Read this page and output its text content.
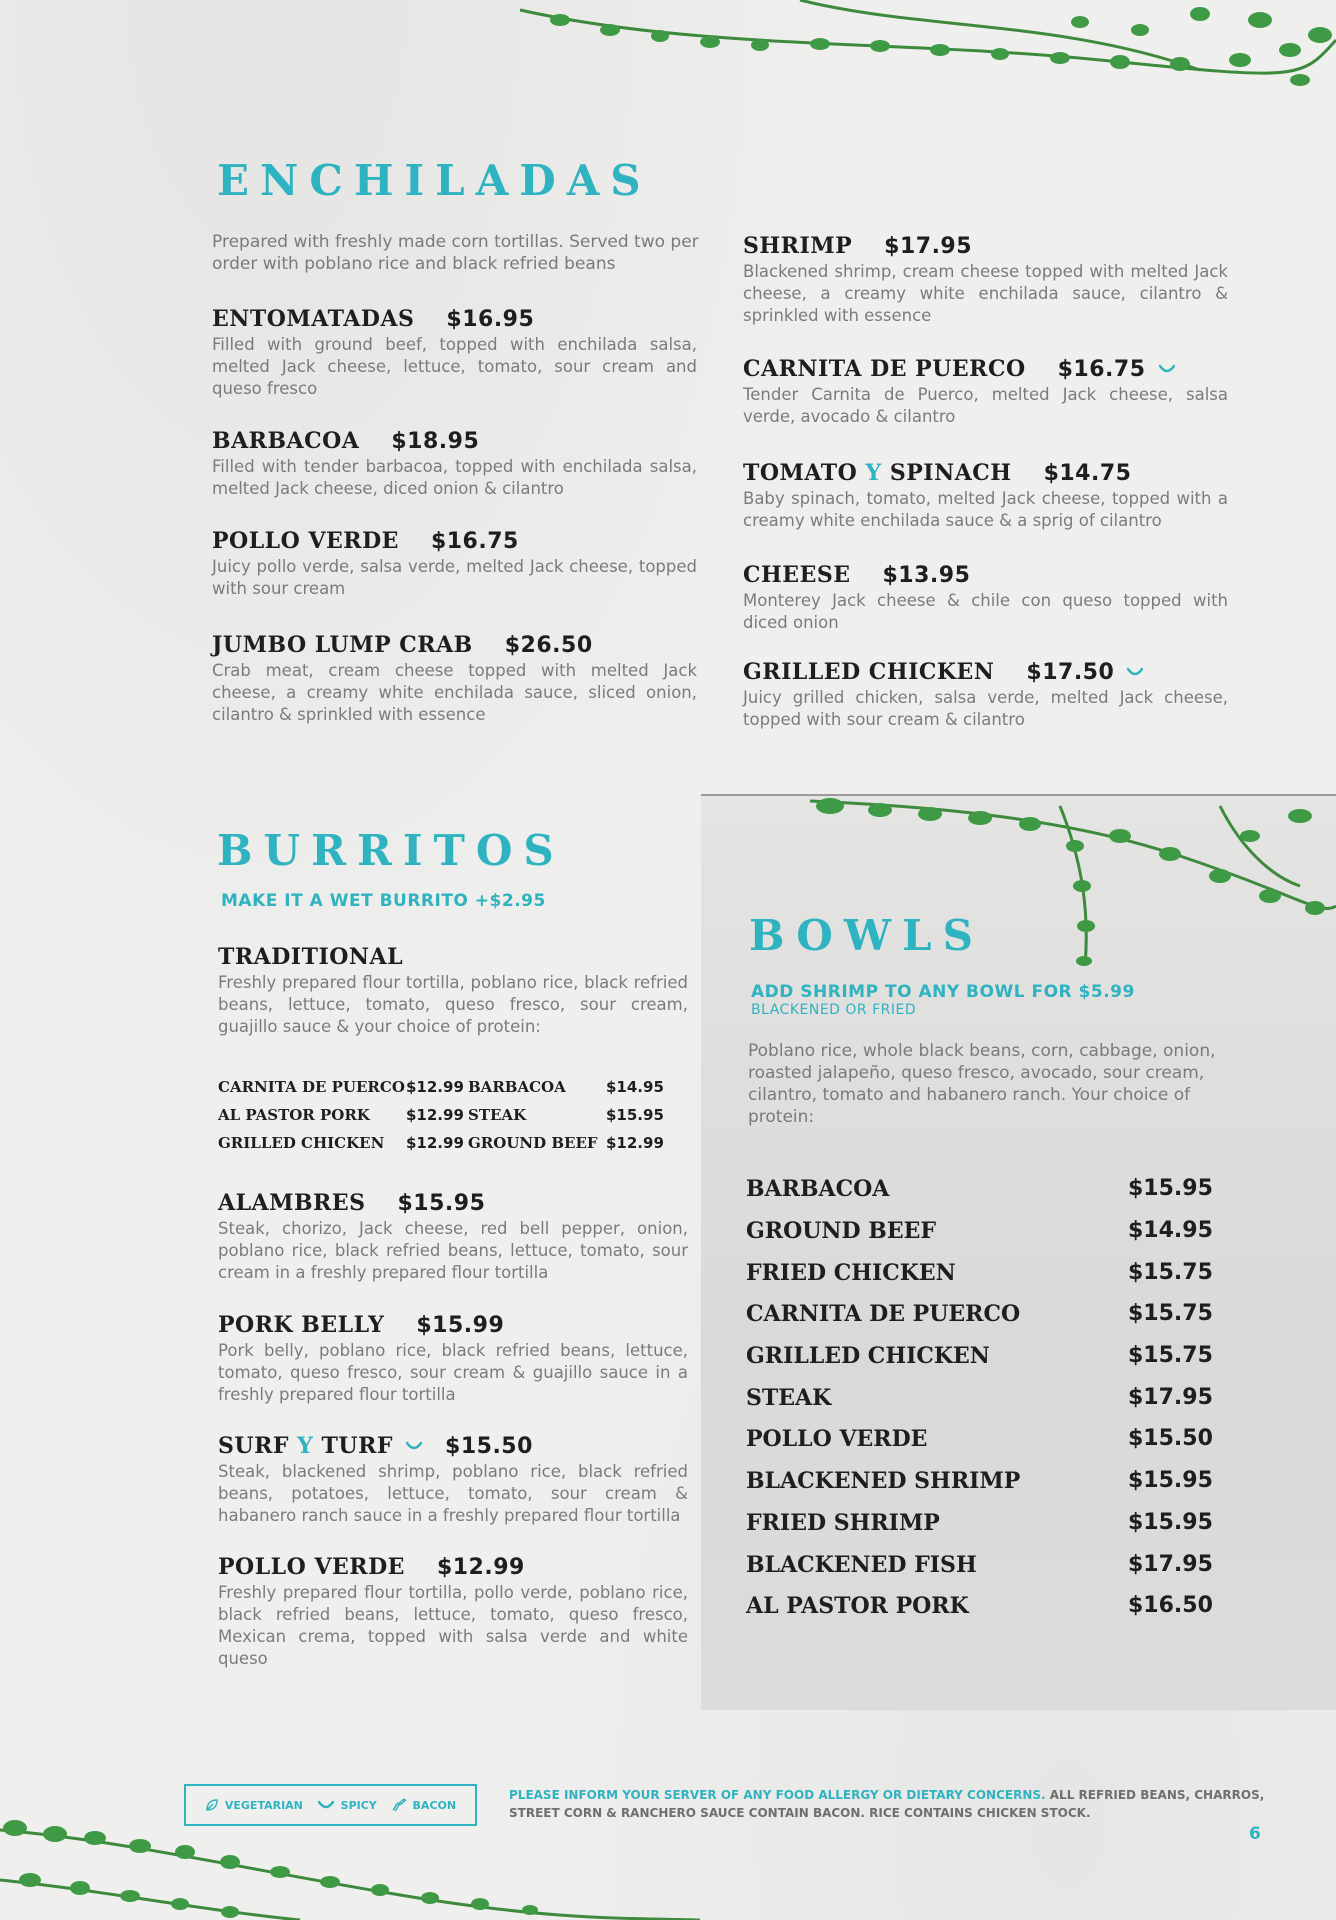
ENCHILADAS
Prepared with freshly made corn tortillas. Served two per order with poblano rice and black refried beans
ENTOMATADAS $16.95
Filled with ground beef, topped with enchilada salsa, melted Jack cheese, lettuce, tomato, sour cream and queso fresco
BARBACOA $18.95
Filled with tender barbacoa, topped with enchilada salsa, melted Jack cheese, diced onion & cilantro
POLLO VERDE $16.75
Juicy pollo verde, salsa verde, melted Jack cheese, topped with sour cream
JUMBO LUMP CRAB $26.50
Crab meat, cream cheese topped with melted Jack cheese, a creamy white enchilada sauce, sliced onion, cilantro & sprinkled with essence
SHRIMP $17.95
Blackened shrimp, cream cheese topped with melted Jack cheese, a creamy white enchilada sauce, cilantro & sprinkled with essence
CARNITA DE PUERCO $16.75
Tender Carnita de Puerco, melted Jack cheese, salsa verde, avocado & cilantro
TOMATO
Y
SPINACH $14.75
Baby spinach, tomato, melted Jack cheese, topped with a creamy white enchilada sauce & a sprig of cilantro
CHEESE $13.95
Monterey Jack cheese & chile con queso topped with diced onion
GRILLED CHICKEN $17.50
Juicy grilled chicken, salsa verde, melted Jack cheese, topped with sour cream & cilantro
BURRITOS
MAKE IT A WET BURRITO +$2.95
TRADITIONAL
Freshly prepared flour tortilla, poblano rice, black refried beans, lettuce, tomato, queso fresco, sour cream, guajillo sauce & your choice of protein:
CARNITA DE PUERCO $12.99 BARBACOA	$14.95
AL PASTOR PORK	$12.99 STEAK	$15.95
GRILLED CHICKEN	$12.99 GROUND BEEF $12.99
ALAMBRES $15.95
Steak, chorizo, Jack cheese, red bell pepper, onion, poblano rice, black refried beans, lettuce, tomato, sour cream in a freshly prepared flour tortilla
PORK BELLY $15.99
Pork belly, poblano rice, black refried beans, lettuce, tomato, queso fresco, sour cream & guajillo sauce in a freshly prepared flour tortilla
SURF
Y
TURF $15.50
Steak, blackened shrimp, poblano rice, black refried beans, potatoes, lettuce, tomato, sour cream & habanero ranch sauce in a freshly prepared flour tortilla
POLLO VERDE $12.99
Freshly prepared flour tortilla, pollo verde, poblano rice, black refried beans, lettuce, tomato, queso fresco, Mexican crema, topped with salsa verde and white queso
BOWLS
ADD SHRIMP TO ANY BOWL FOR $5.99
BLACKENED OR FRIED
Poblano rice, whole black beans, corn, cabbage, onion, roasted jalapeño, queso fresco, avocado, sour cream, cilantro, tomato and habanero ranch. Your choice of protein:
BARBACOA	$15.95
GROUND BEEF	$14.95
FRIED CHICKEN	$15.75
CARNITA DE PUERCO	$15.75
GRILLED CHICKEN	$15.75
STEAK	$17.95
POLLO VERDE	$15.50
BLACKENED SHRIMP	$15.95
FRIED SHRIMP	$15.95
BLACKENED FISH	$17.95
AL PASTOR PORK	$16.50
VEGETARIAN	SPICY	BACON
PLEASE INFORM YOUR SERVER OF ANY FOOD ALLERGY OR DIETARY CONCERNS. ALL REFRIED BEANS, CHARROS, STREET CORN & RANCHERO SAUCE CONTAIN BACON. RICE CONTAINS CHICKEN STOCK.
6
